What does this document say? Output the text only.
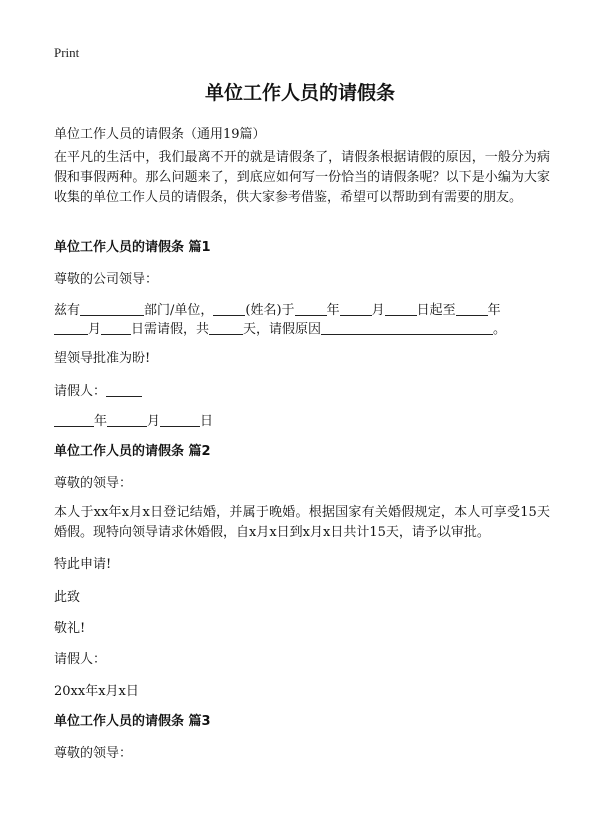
Print
单位工作人员的请假条
单位工作人员的请假条（通用19篇）
在平凡的生活中，我们最离不开的就是请假条了，请假条根据请假的原因，一般分为病假和事假两种。那么问题来了，到底应如何写一份恰当的请假条呢？以下是小编为大家收集的单位工作人员的请假条，供大家参考借鉴，希望可以帮助到有需要的朋友。
单位工作人员的请假条 篇1
尊敬的公司领导：
兹有	部门/单位， (姓名)于 年 月 日起至 年
月 日需请假，共	天，请假原因	。
望领导批准为盼!
请假人：
年	月	日
单位工作人员的请假条 篇2
尊敬的领导：
本人于xx年x月x日登记结婚，并属于晚婚。根据国家有关婚假规定，本人可享受15天婚假。现特向领导请求休婚假，自x月x日到x月x日共计15天，请予以审批。
特此申请!
此致
敬礼!
请假人：
20xx年x月x日
单位工作人员的请假条 篇3
尊敬的领导：
